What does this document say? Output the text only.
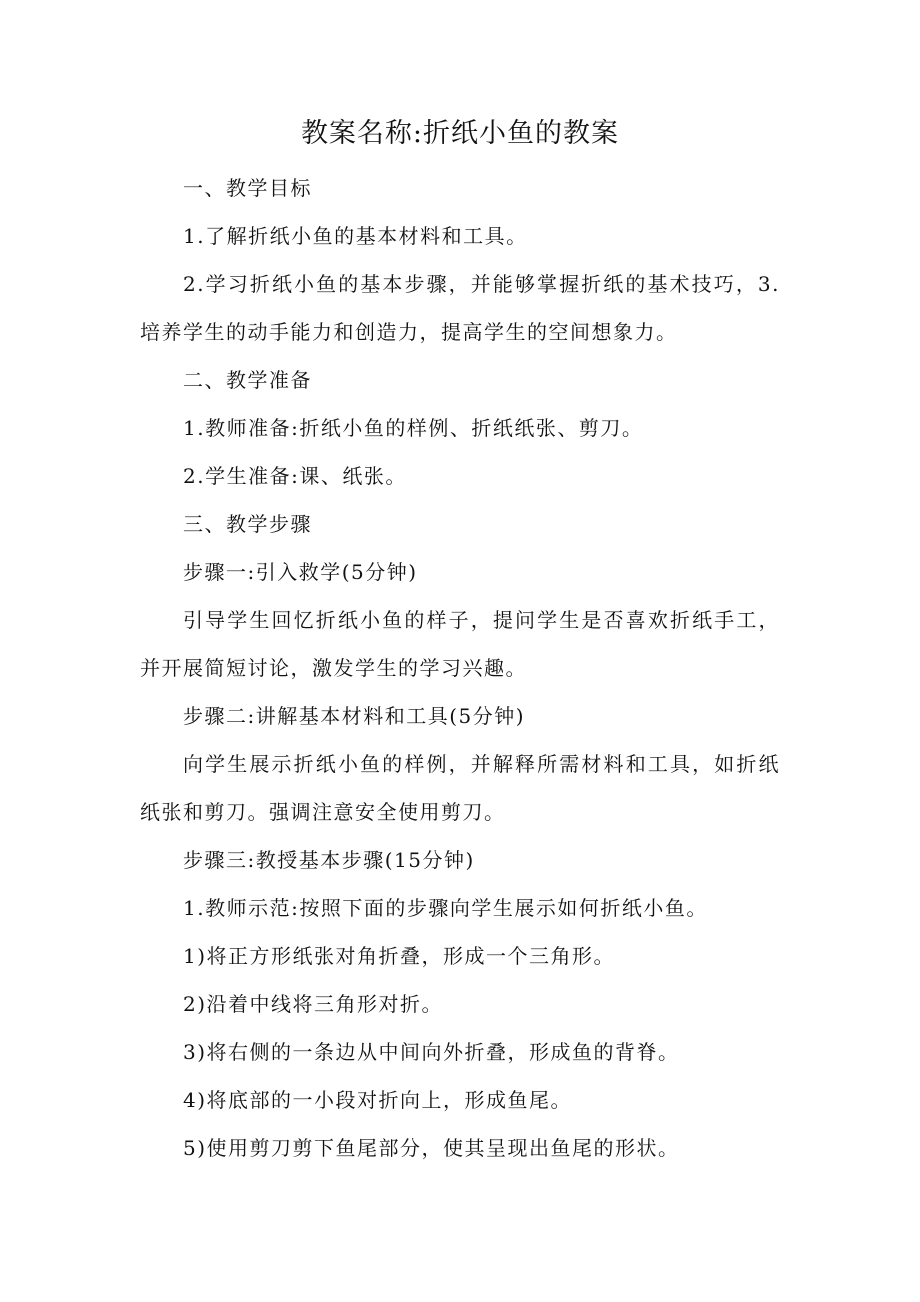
教案名称:折纸小鱼的教案

一、教学目标

1.了解折纸小鱼的基本材料和工具。

2.学习折纸小鱼的基本步骤，并能够掌握折纸的基术技巧，3.培养学生的动手能力和创造力，提高学生的空间想象力。

二、教学准备

1.教师准备:折纸小鱼的样例、折纸纸张、剪刀。

2.学生准备:课、纸张。

三、教学步骤

步骤一:引入救学(5分钟)

引导学生回忆折纸小鱼的样子，提问学生是否喜欢折纸手工，并开展简短讨论，激发学生的学习兴趣。

步骤二:讲解基本材料和工具(5分钟)

向学生展示折纸小鱼的样例，并解释所需材料和工具，如折纸纸张和剪刀。强调注意安全使用剪刀。

步骤三:教授基本步骤(15分钟)

1.教师示范:按照下面的步骤向学生展示如何折纸小鱼。

1)将正方形纸张对角折叠，形成一个三角形。

2)沿着中线将三角形对折。

3)将右侧的一条边从中间向外折叠，形成鱼的背脊。

4)将底部的一小段对折向上，形成鱼尾。

5)使用剪刀剪下鱼尾部分，使其呈现出鱼尾的形状。
